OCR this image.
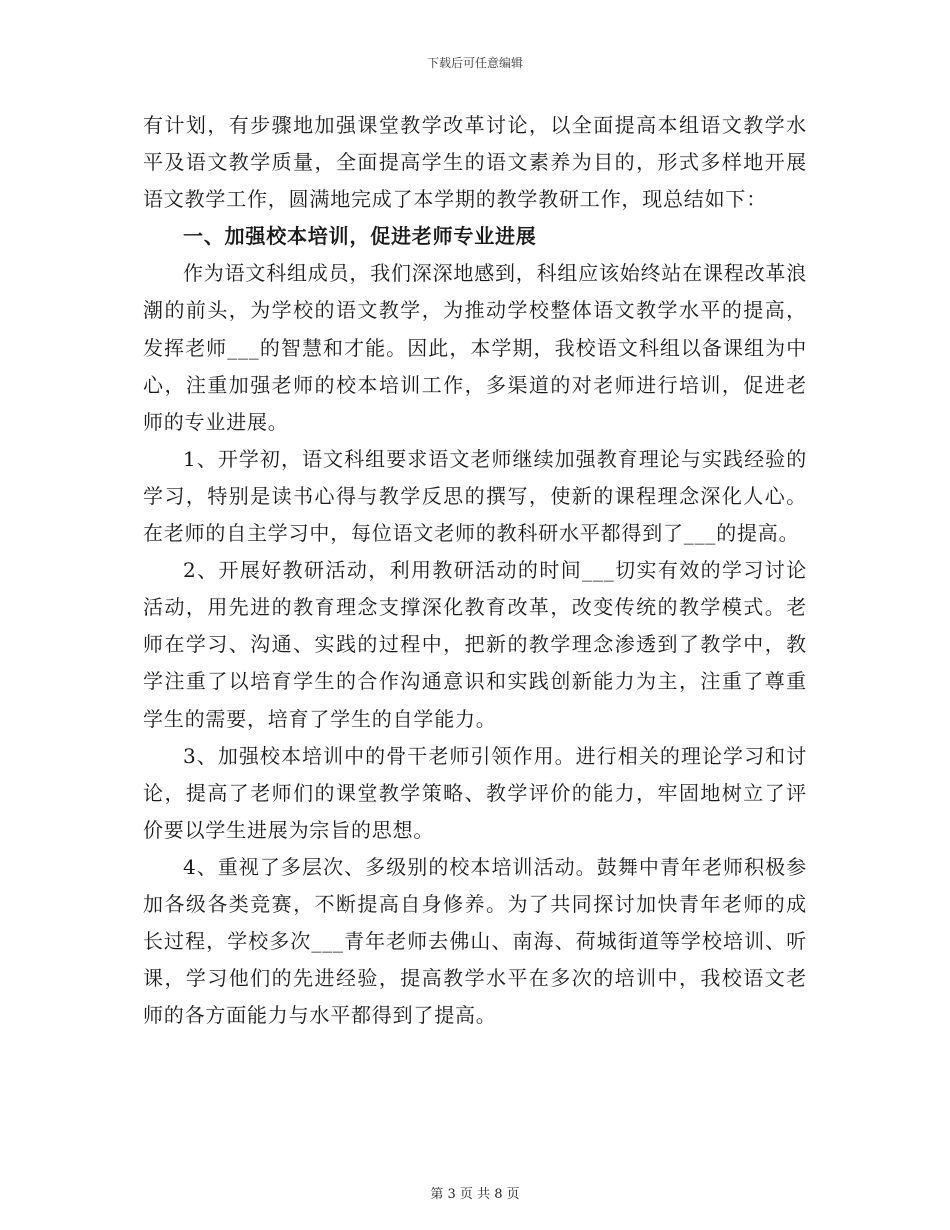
下载后可任意编辑

有计划，有步骤地加强课堂教学改革讨论，以全面提高本组语文教学水平及语文教学质量，全面提高学生的语文素养为目的，形式多样地开展语文教学工作，圆满地完成了本学期的教学教研工作，现总结如下：

一、加强校本培训，促进老师专业进展

作为语文科组成员，我们深深地感到，科组应该始终站在课程改革浪潮的前头，为学校的语文教学，为推动学校整体语文教学水平的提高，发挥老师___的智慧和才能。因此，本学期，我校语文科组以备课组为中心，注重加强老师的校本培训工作，多渠道的对老师进行培训，促进老师的专业进展。

1、开学初，语文科组要求语文老师继续加强教育理论与实践经验的学习，特别是读书心得与教学反思的撰写，使新的课程理念深化人心。在老师的自主学习中，每位语文老师的教科研水平都得到了___的提高。

2、开展好教研活动，利用教研活动的时间___切实有效的学习讨论活动，用先进的教育理念支撑深化教育改革，改变传统的教学模式。老师在学习、沟通、实践的过程中，把新的教学理念渗透到了教学中，教学注重了以培育学生的合作沟通意识和实践创新能力为主，注重了尊重学生的需要，培育了学生的自学能力。

3、加强校本培训中的骨干老师引领作用。进行相关的理论学习和讨论，提高了老师们的课堂教学策略、教学评价的能力，牢固地树立了评价要以学生进展为宗旨的思想。

4、重视了多层次、多级别的校本培训活动。鼓舞中青年老师积极参加各级各类竞赛，不断提高自身修养。为了共同探讨加快青年老师的成长过程，学校多次___青年老师去佛山、南海、荷城街道等学校培训、听课，学习他们的先进经验，提高教学水平在多次的培训中，我校语文老师的各方面能力与水平都得到了提高。

第 3 页 共 8 页
